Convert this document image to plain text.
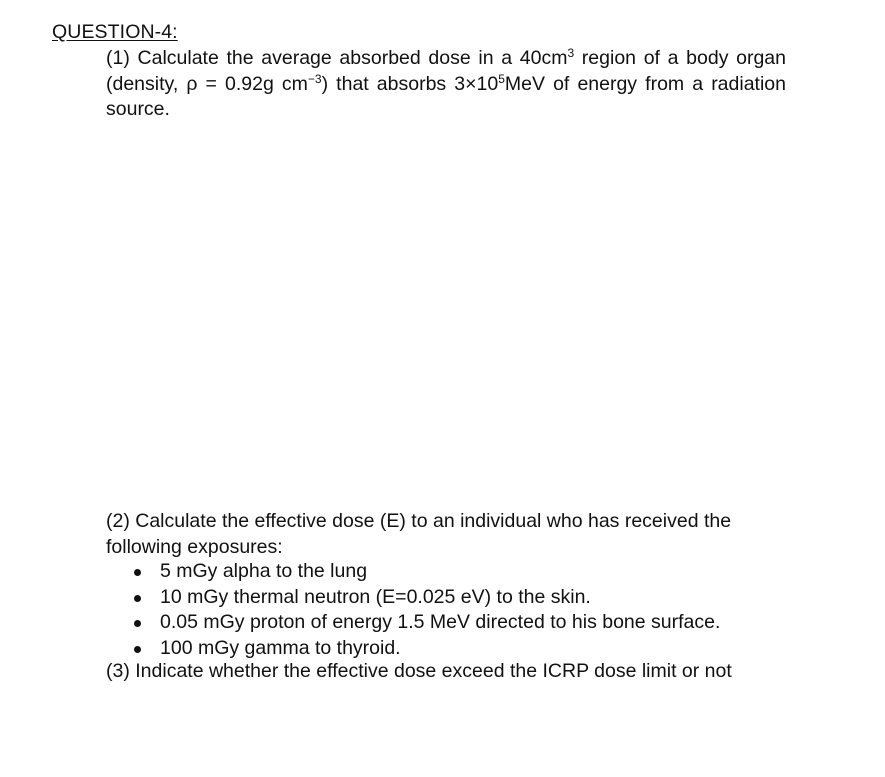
QUESTION-4:
(1) Calculate the average absorbed dose in a $40cm^3$ region of a body organ (density, ρ = 0.92g $cm^{-3}$) that absorbs $3\times 10^5MeV$ of energy from a radiation source.
(2) Calculate the effective dose (E) to an individual who has received the following exposures:
5 mGy alpha to the lung
10 mGy thermal neutron (E=0.025 eV) to the skin.
0.05 mGy proton of energy 1.5 MeV directed to his bone surface.
100 mGy gamma to thyroid.
(3) Indicate whether the effective dose exceed the ICRP dose limit or not
